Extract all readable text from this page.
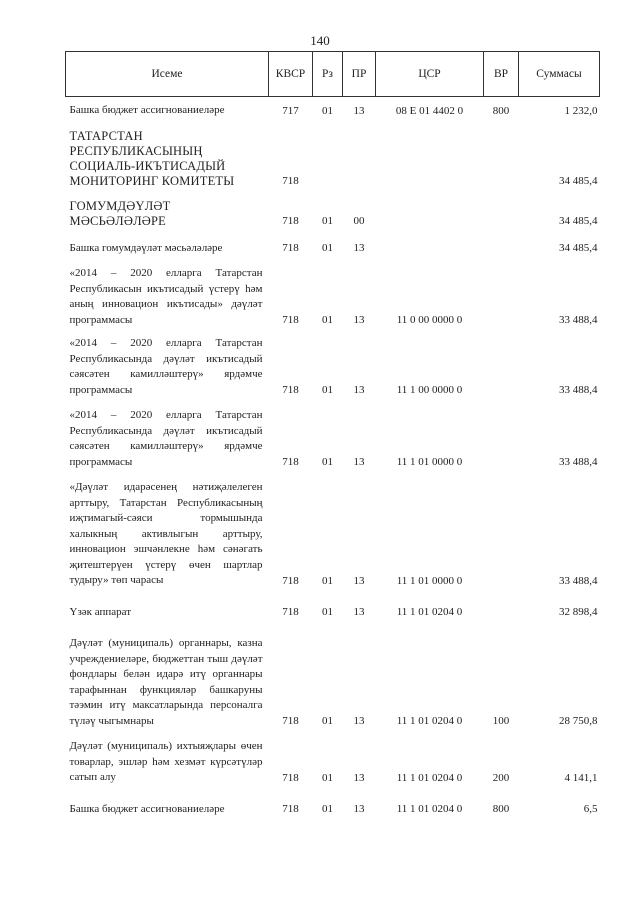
140
Исеме	КВСР	Рз	ПР	ЦСР	ВР	Суммасы
Башка бюджет ассигнованиеләре	717	01	13	08 Е 01 4402 0	800	1 232,0
ТАТАРСТАН РЕСПУБЛИКАСЫНЫҢ СОЦИАЛЬ-ИКЪТИСАДЫЙ МОНИТОРИНГ КОМИТЕТЫ	718					34 485,4
ГОМУМДӘҮЛӘТ МӘСЬӘЛӘЛӘРЕ	718	01	00			34 485,4
Башка гомумдәүләт мәсьәләләре	718	01	13			34 485,4
«2014 – 2020 елларга Татарстан Республикасын икътисадый үстерү һәм аның инновацион икътисады» дәүләт программасы	718	01	13	11 0 00 0000 0		33 488,4
«2014 – 2020 елларга Татарстан Республикасында дәүләт икътисадый сәясәтен камилләштерү» ярдәмче программасы	718	01	13	11 1 00 0000 0		33 488,4
«2014 – 2020 елларга Татарстан Республикасында дәүләт икътисадый сәясәтен камилләштерү» ярдәмче программасы	718	01	13	11 1 01 0000 0		33 488,4
«Дәүләт идарәсенең нәтиҗәлелеген арттыру, Татарстан Республикасының иҗтимагый-сәяси тормышында халыкның активлыгын арттыру, инновацион эшчәнлекне һәм сәнәгать җитештерүен үстерү өчен шартлар тудыру» төп чарасы	718	01	13	11 1 01 0000 0		33 488,4
Үзәк аппарат	718	01	13	11 1 01 0204 0		32 898,4
Дәүләт (муниципаль) органнары, казна учреждениеләре, бюджеттан тыш дәүләт фондлары белән идарә итү органнары тарафыннан функцияләр башкаруны тәэмин итү максатларында персоналга түләү чыгымнары	718	01	13	11 1 01 0204 0	100	28 750,8
Дәүләт (муниципаль) ихтыяҗлары өчен товарлар, эшләр һәм хезмәт күрсәтүләр сатып алу	718	01	13	11 1 01 0204 0	200	4 141,1
Башка бюджет ассигнованиеләре	718	01	13	11 1 01 0204 0	800	6,5
